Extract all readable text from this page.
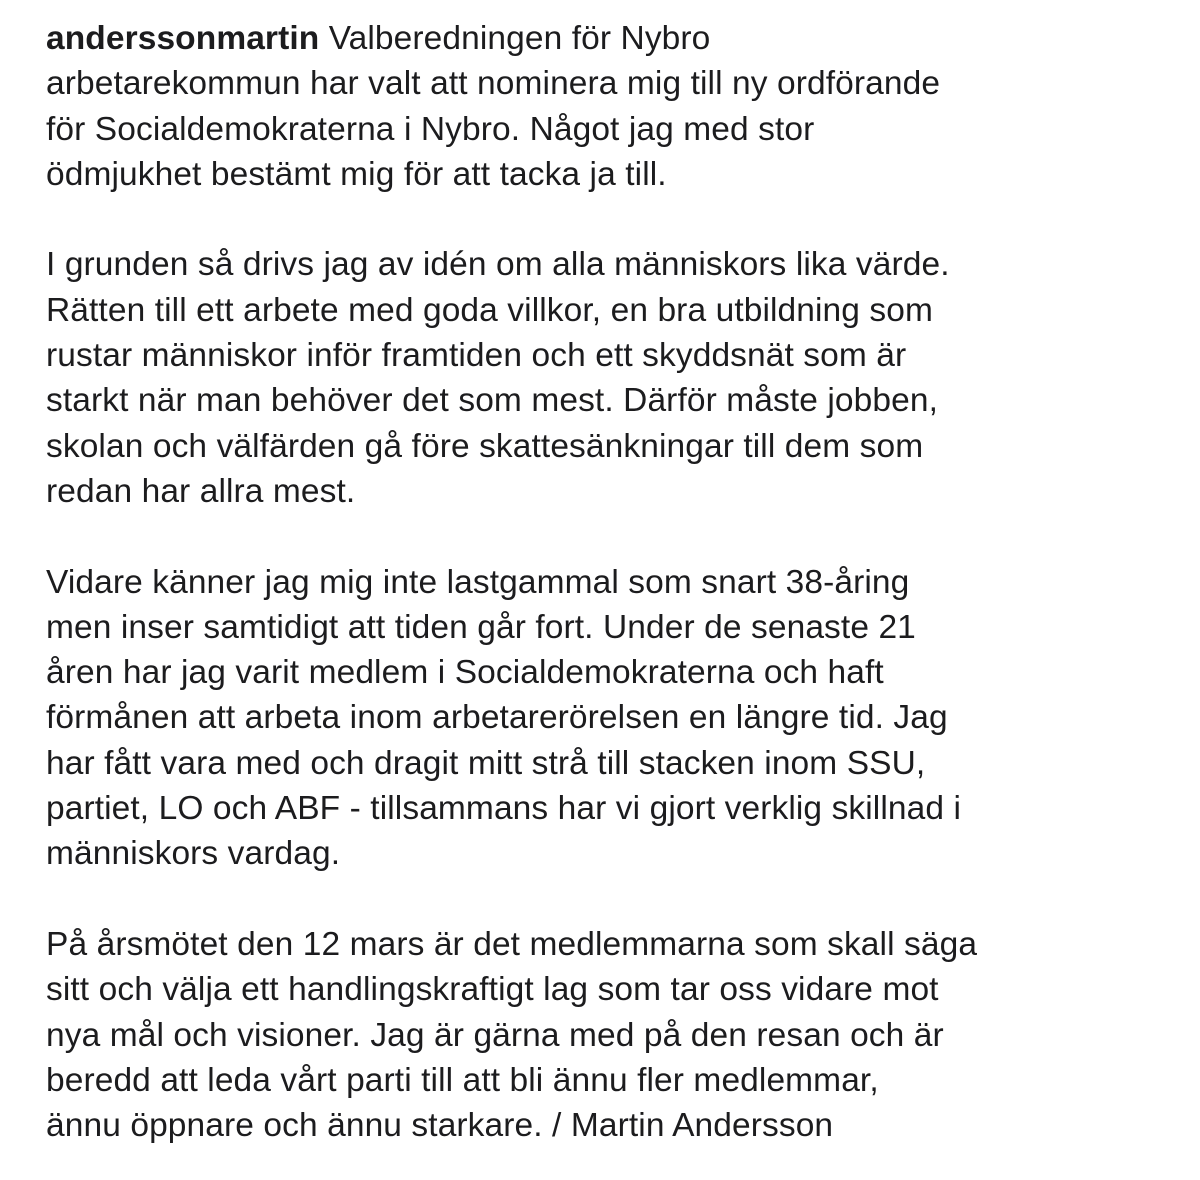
anderssonmartin Valberedningen för Nybro
arbetarekommun har valt att nominera mig till ny ordförande
för Socialdemokraterna i Nybro. Något jag med stor
ödmjukhet bestämt mig för att tacka ja till.

I grunden så drivs jag av idén om alla människors lika värde.
Rätten till ett arbete med goda villkor, en bra utbildning som
rustar människor inför framtiden och ett skyddsnät som är
starkt när man behöver det som mest. Därför måste jobben,
skolan och välfärden gå före skattesänkningar till dem som
redan har allra mest.

Vidare känner jag mig inte lastgammal som snart 38-åring
men inser samtidigt att tiden går fort. Under de senaste 21
åren har jag varit medlem i Socialdemokraterna och haft
förmånen att arbeta inom arbetarerörelsen en längre tid. Jag
har fått vara med och dragit mitt strå till stacken inom SSU,
partiet, LO och ABF - tillsammans har vi gjort verklig skillnad i
människors vardag.

På årsmötet den 12 mars är det medlemmarna som skall säga
sitt och välja ett handlingskraftigt lag som tar oss vidare mot
nya mål och visioner. Jag är gärna med på den resan och är
beredd att leda vårt parti till att bli ännu fler medlemmar,
ännu öppnare och ännu starkare. / Martin Andersson
